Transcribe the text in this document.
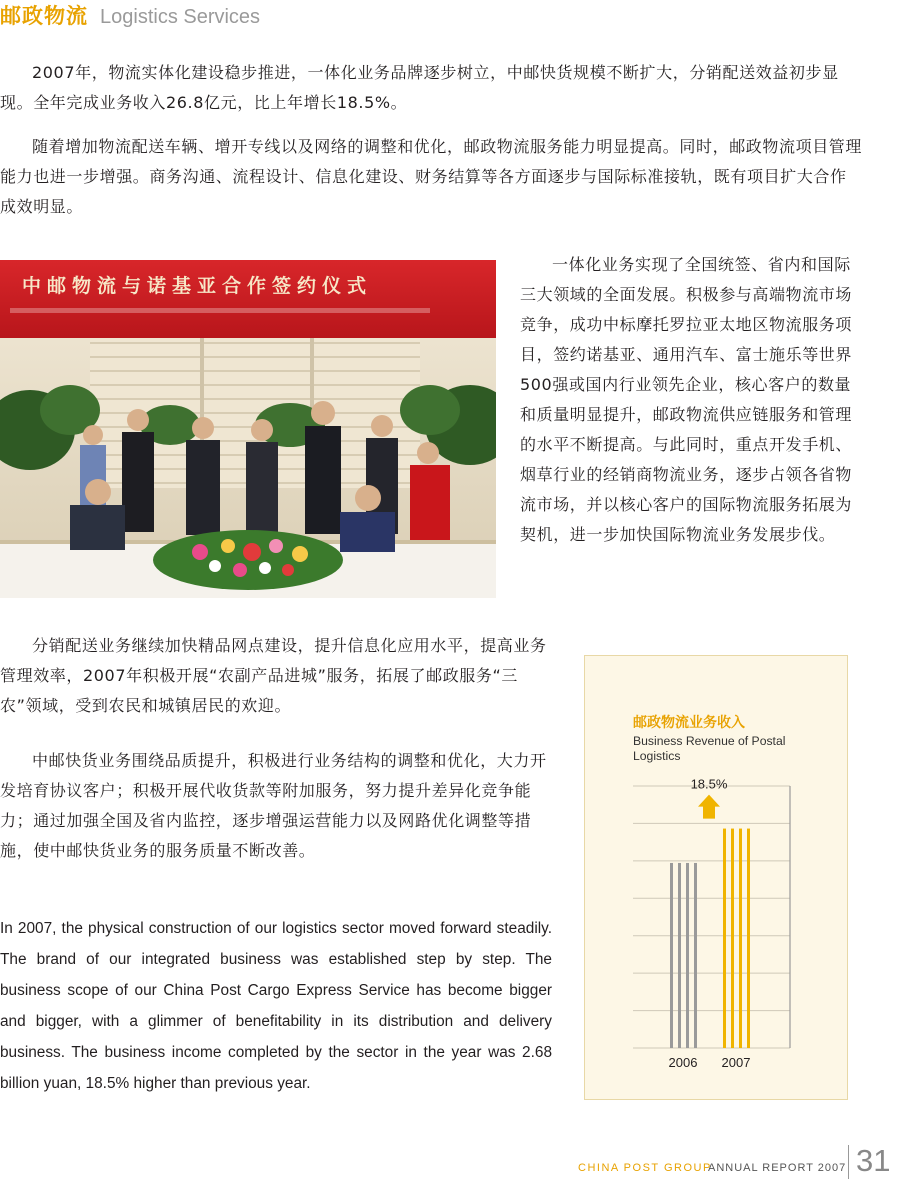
邮政物流 Logistics Services

2007年，物流实体化建设稳步推进，一体化业务品牌逐步树立，中邮快货规模不断扩大，分销配送效益初步显现。全年完成业务收入26.8亿元，比上年增长18.5%。

随着增加物流配送车辆、增开专线以及网络的调整和优化，邮政物流服务能力明显提高。同时，邮政物流项目管理能力也进一步增强。商务沟通、流程设计、信息化建设、财务结算等各方面逐步与国际标准接轨，既有项目扩大合作成效明显。

中邮物流与诺基亚合作签约仪式

一体化业务实现了全国统签、省内和国际三大领域的全面发展。积极参与高端物流市场竞争，成功中标摩托罗拉亚太地区物流服务项目，签约诺基亚、通用汽车、富士施乐等世界500强或国内行业领先企业，核心客户的数量和质量明显提升，邮政物流供应链服务和管理的水平不断提高。与此同时，重点开发手机、烟草行业的经销商物流业务，逐步占领各省物流市场，并以核心客户的国际物流服务拓展为契机，进一步加快国际物流业务发展步伐。

分销配送业务继续加快精品网点建设，提升信息化应用水平，提高业务管理效率，2007年积极开展“农副产品进城”服务，拓展了邮政服务“三农”领域，受到农民和城镇居民的欢迎。

中邮快货业务围绕品质提升，积极进行业务结构的调整和优化，大力开发培育协议客户；积极开展代收货款等附加服务，努力提升差异化竞争能力；通过加强全国及省内监控，逐步增强运营能力以及网路优化调整等措施，使中邮快货业务的服务质量不断改善。

In 2007, the physical construction of our logistics sector moved forward steadily. The brand of our integrated business was established step by step. The business scope of our China Post Cargo Express Service has become bigger and bigger, with a glimmer of benefitability in its distribution and delivery business. The business income completed by the sector in the year was 2.68 billion yuan, 18.5% higher than previous year.

邮政物流业务收入
Business Revenue of Postal Logistics
2006 2007
18.5%
CHINA POST GROUP
ANNUAL REPORT 2007 31
